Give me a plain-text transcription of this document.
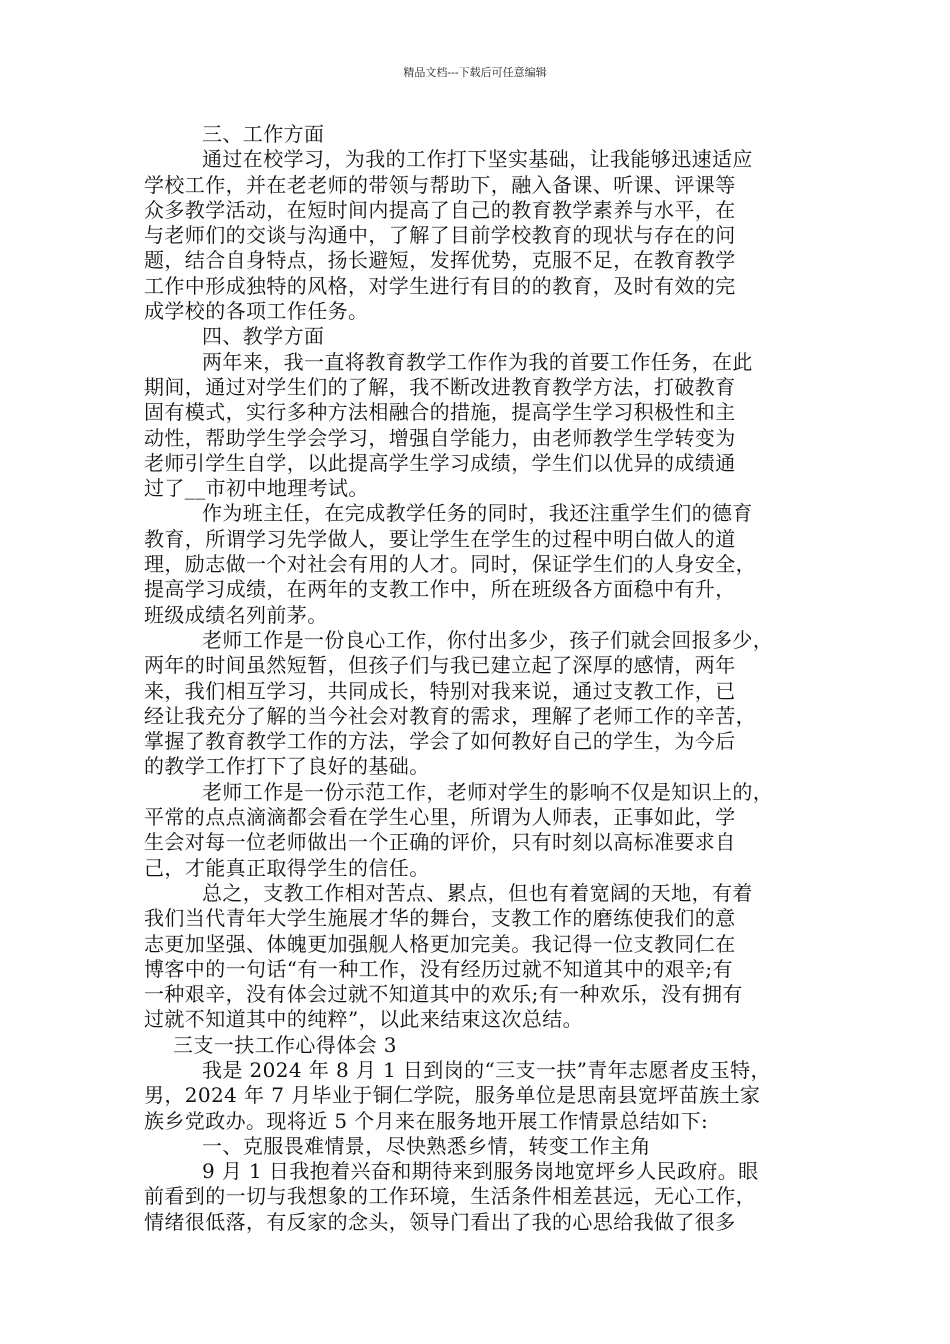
精品文档---下载后可任意编辑
三、工作方面
通过在校学习，为我的工作打下坚实基础，让我能够迅速适应
学校工作，并在老老师的带领与帮助下，融入备课、听课、评课等
众多教学活动，在短时间内提高了自己的教育教学素养与水平，在
与老师们的交谈与沟通中，了解了目前学校教育的现状与存在的问
题，结合自身特点，扬长避短，发挥优势，克服不足，在教育教学
工作中形成独特的风格，对学生进行有目的的教育，及时有效的完
成学校的各项工作任务。
四、教学方面
两年来，我一直将教育教学工作作为我的首要工作任务，在此
期间，通过对学生们的了解，我不断改进教育教学方法，打破教育
固有模式，实行多种方法相融合的措施，提高学生学习积极性和主
动性，帮助学生学会学习，增强自学能力，由老师教学生学转变为
老师引学生自学，以此提高学生学习成绩，学生们以优异的成绩通
过了__市初中地理考试。
作为班主任，在完成教学任务的同时，我还注重学生们的德育
教育，所谓学习先学做人，要让学生在学生的过程中明白做人的道
理，励志做一个对社会有用的人才。同时，保证学生们的人身安全，
提高学习成绩，在两年的支教工作中，所在班级各方面稳中有升，
班级成绩名列前茅。
老师工作是一份良心工作，你付出多少，孩子们就会回报多少，
两年的时间虽然短暂，但孩子们与我已建立起了深厚的感情，两年
来，我们相互学习，共同成长，特别对我来说，通过支教工作，已
经让我充分了解的当今社会对教育的需求，理解了老师工作的辛苦，
掌握了教育教学工作的方法，学会了如何教好自己的学生，为今后
的教学工作打下了良好的基础。
老师工作是一份示范工作，老师对学生的影响不仅是知识上的，
平常的点点滴滴都会看在学生心里，所谓为人师表，正事如此，学
生会对每一位老师做出一个正确的评价，只有时刻以高标准要求自
己，才能真正取得学生的信任。
总之，支教工作相对苦点、累点，但也有着宽阔的天地，有着
我们当代青年大学生施展才华的舞台，支教工作的磨练使我们的意
志更加坚强、体魄更加强舰人格更加完美。我记得一位支教同仁在
博客中的一句话“有一种工作，没有经历过就不知道其中的艰辛;有
一种艰辛，没有体会过就不知道其中的欢乐;有一种欢乐，没有拥有
过就不知道其中的纯粹”，以此来结束这次总结。
三支一扶工作心得体会 3
我是 2024 年 8 月 1 日到岗的“三支一扶”青年志愿者皮玉特，
男，2024 年 7 月毕业于铜仁学院，服务单位是思南县宽坪苗族土家
族乡党政办。现将近 5 个月来在服务地开展工作情景总结如下:
一、克服畏难情景，尽快熟悉乡情，转变工作主角
9 月 1 日我抱着兴奋和期待来到服务岗地宽坪乡人民政府。眼
前看到的一切与我想象的工作环境，生活条件相差甚远，无心工作，
情绪很低落，有反家的念头，领导门看出了我的心思给我做了很多
